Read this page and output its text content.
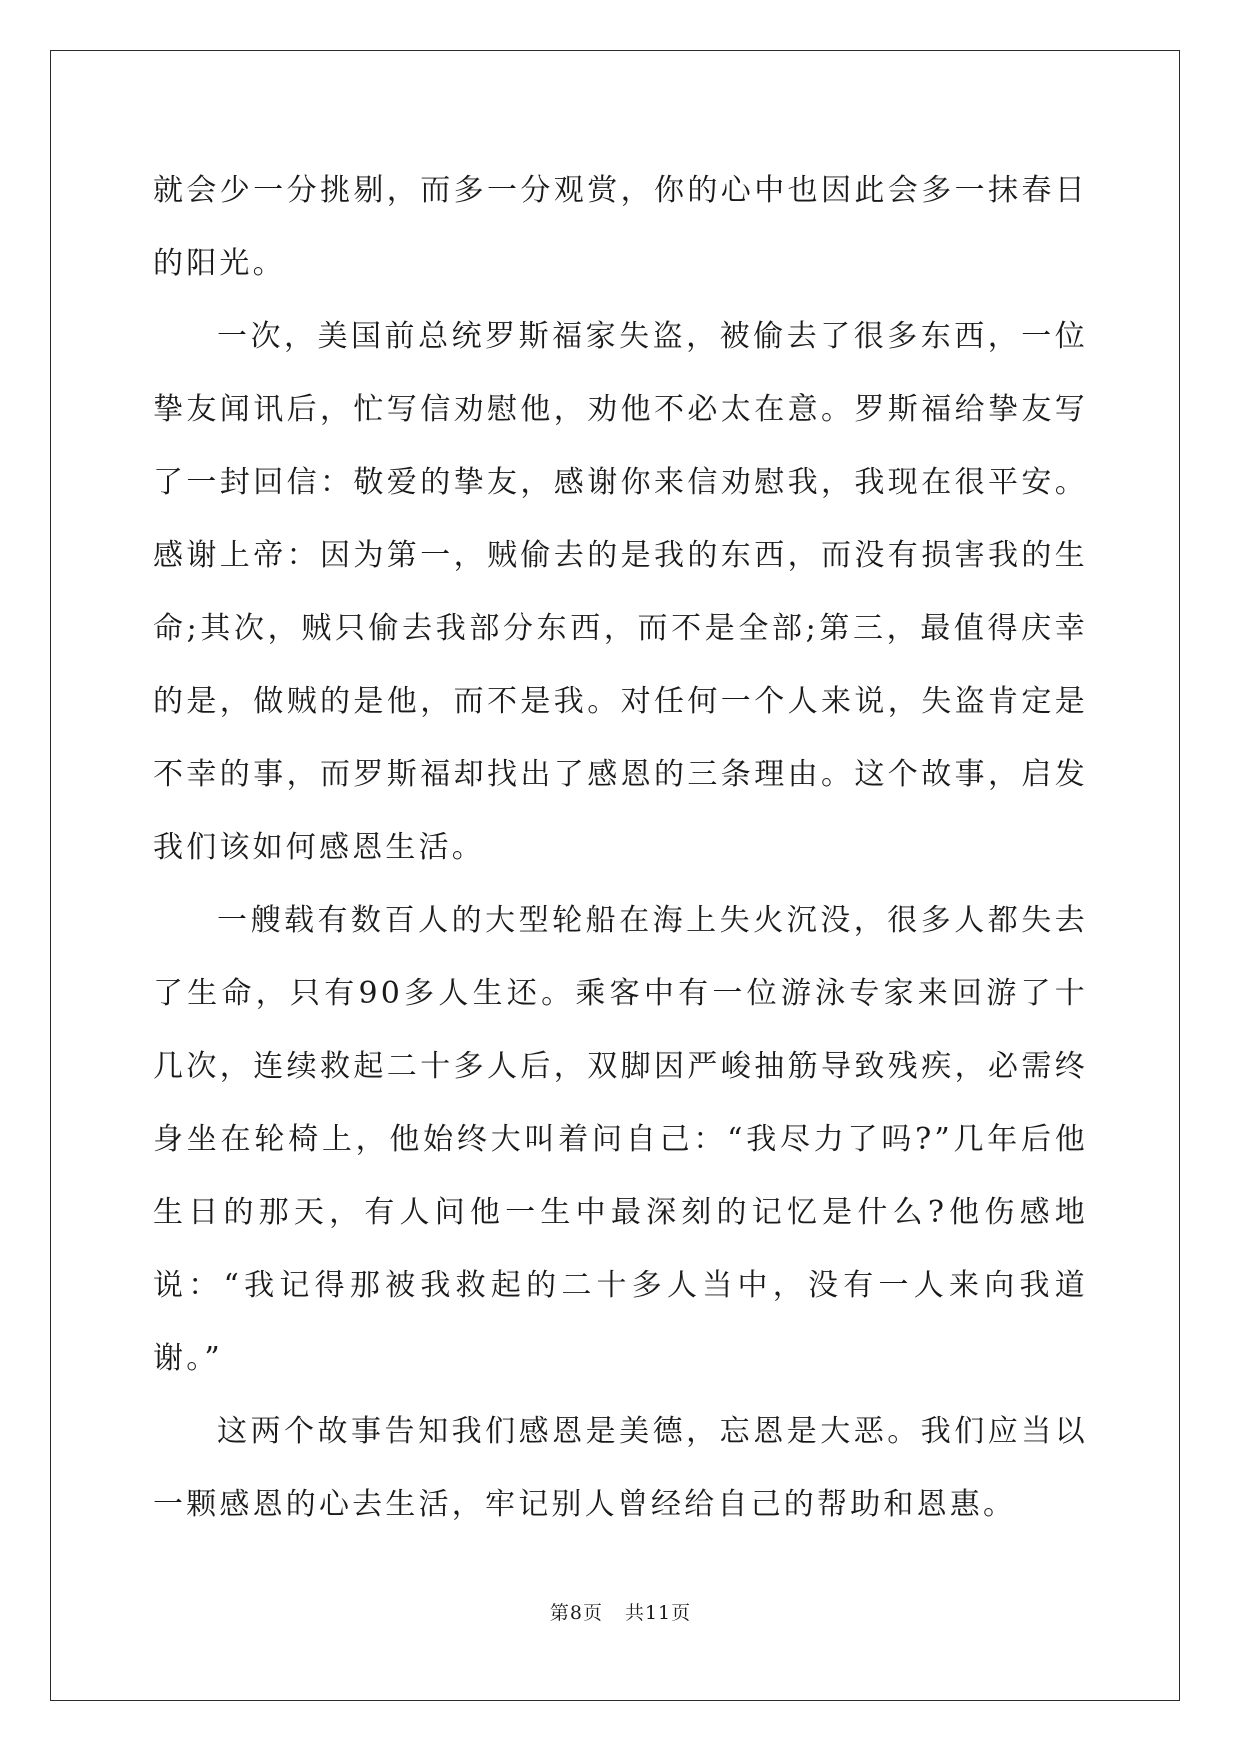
就会少一分挑剔，而多一分观赏，你的心中也因此会多一抹春日的阳光。

一次，美国前总统罗斯福家失盗，被偷去了很多东西，一位挚友闻讯后，忙写信劝慰他，劝他不必太在意。罗斯福给挚友写了一封回信：敬爱的挚友，感谢你来信劝慰我，我现在很平安。感谢上帝：因为第一，贼偷去的是我的东西，而没有损害我的生命;其次，贼只偷去我部分东西，而不是全部;第三，最值得庆幸的是，做贼的是他，而不是我。对任何一个人来说，失盗肯定是不幸的事，而罗斯福却找出了感恩的三条理由。这个故事，启发我们该如何感恩生活。

一艘载有数百人的大型轮船在海上失火沉没，很多人都失去了生命，只有90多人生还。乘客中有一位游泳专家来回游了十几次，连续救起二十多人后，双脚因严峻抽筋导致残疾，必需终身坐在轮椅上，他始终大叫着问自己：“我尽力了吗?”几年后他生日的那天，有人问他一生中最深刻的记忆是什么?他伤感地说：“我记得那被我救起的二十多人当中，没有一人来向我道谢。”

这两个故事告知我们感恩是美德，忘恩是大恶。我们应当以一颗感恩的心去生活，牢记别人曾经给自己的帮助和恩惠。

第8页 共11页
